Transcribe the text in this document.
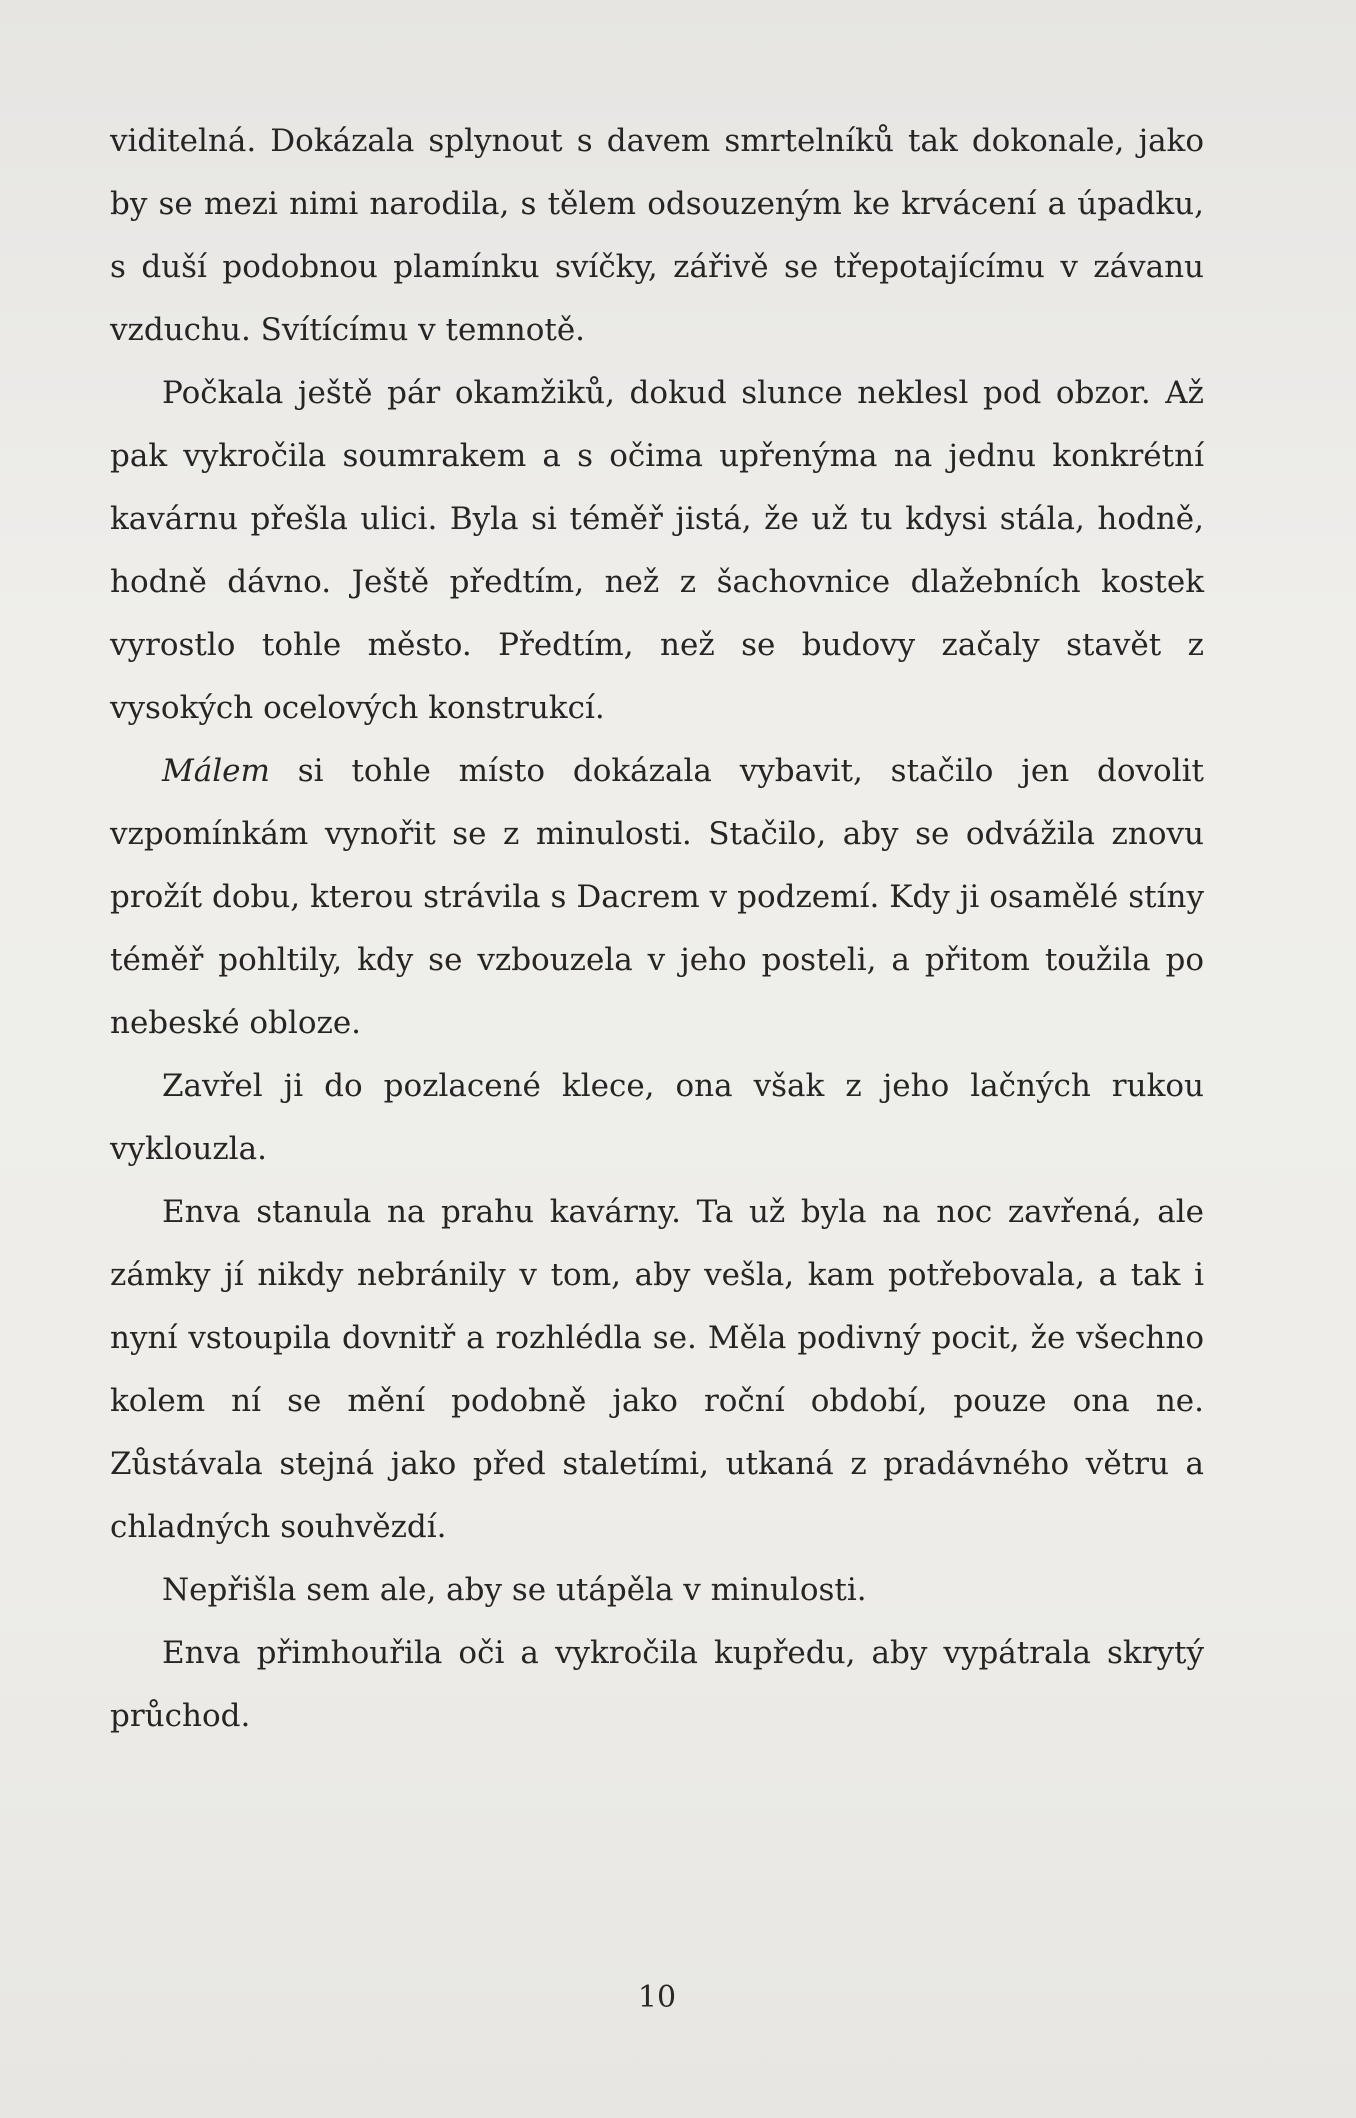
viditelná. Dokázala splynout s davem smrtelníků tak dokonale, jako by se mezi nimi narodila, s tělem odsouzeným ke krvácení a úpadku, s duší podobnou plamínku svíčky, zářivě se třepotajícímu v závanu vzduchu. Svítícímu v temnotě.

Počkala ještě pár okamžiků, dokud slunce neklesl pod obzor. Až pak vykročila soumrakem a s očima upřenýma na jednu konkrétní kavárnu přešla ulici. Byla si téměř jistá, že už tu kdysi stála, hodně, hodně dávno. Ještě předtím, než z šachovnice dlažebních kostek vyrostlo tohle město. Předtím, než se budovy začaly stavět z vysokých ocelových konstrukcí.

Málem si tohle místo dokázala vybavit, stačilo jen dovolit vzpomínkám vynořit se z minulosti. Stačilo, aby se odvážila znovu prožít dobu, kterou strávila s Dacrem v podzemí. Kdy ji osamělé stíny téměř pohltily, kdy se vzbouzela v jeho posteli, a přitom toužila po nebeské obloze.

Zavřel ji do pozlacené klece, ona však z jeho lačných rukou vyklouzla.

Enva stanula na prahu kavárny. Ta už byla na noc zavřená, ale zámky jí nikdy nebránily v tom, aby vešla, kam potřebovala, a tak i nyní vstoupila dovnitř a rozhlédla se. Měla podivný pocit, že všechno kolem ní se mění podobně jako roční období, pouze ona ne. Zůstávala stejná jako před staletími, utkaná z pradávného větru a chladných souhvězdí.

Nepřišla sem ale, aby se utápěla v minulosti.

Enva přimhouřila oči a vykročila kupředu, aby vypátrala skrytý průchod.

10
